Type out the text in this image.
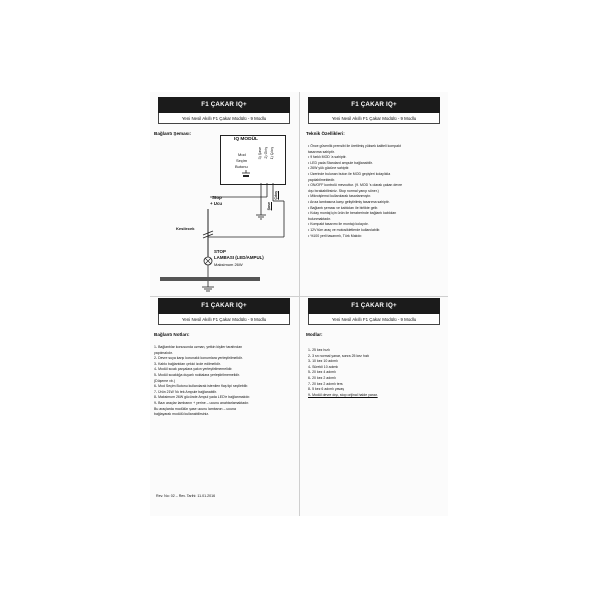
F1 ÇAKAR IQ+
Yeni Nesil Akıllı F1 Çakar Modülü - 9 Modlu
Bağlantı Şeması:
IQ MODÜL
Mod
Seçim
Butonu
1) Çıkış
2) Giriş
3) Şase
Çıkış
Şase
Stop
+ Ucu
Kesilecek
STOP
LAMBASI (LED/AMPUL)
Maksimum 26W
F1 ÇAKAR IQ+
Yeni Nesil Akıllı F1 Çakar Modülü - 9 Modlu
Teknik Özellikleri:
• Önce güvenlik prensibi ile üretilmiş yüksek kaliteli kompakt
tasarıma sahiptir.
• 9 farklı MOD 'a sahiptir.
• LED yada Standard ampule bağlanabilir.
• 26W yük gücüne sahiptir.
• Üzerinde bulunan buton ile MOD geçişleri kolaylıkla
yapılabilmektedir.
• ON/OFF kontrolü mevcuttur. (9. MOD 's olarak çakan devre
dışı bırakabilirsiniz. Stop normal yanıp söner.)
• Mikroişlemci kullanılarak tasarlanmıştır.
• Arıza lambasına karşı geliştirilmiş tasarıma sahiptir.
• Bağlantı şeması ve kabloları ile birlikte gelir.
• Kolay montaj için ürün ile beraberinde bağlantı kabloları
bulunmaktadır.
• Kompakt tasarımı ile montajı kolaydır.
• 12V tüm araç ve motosikletlerde kullanılabilir.
• %100 yerli tasarımlı, Türk Malıdır.
F1 ÇAKAR IQ+
Yeni Nesil Akıllı F1 Çakar Modülü - 9 Modlu
Bağlantı Notları:
1- Bağlantılar konusunda uzman, yetkin kişiler tarafından
yapılmalıdır.
2- Devre suya karşı korunaklı konumlara yerleştirilmelidir.
3- Kablo bağlantıları çekici izole edilmelidir.
4- Modül sıcak parçalara yakın yerleştirilmemelidir.
5- Modül sıcaklığa duyarlı noktalara yerleştirilmemelidir.
(Düşeme vb.)
6- Mod Seçim Butonu kullanılarak istenilen flaş tipi seçilebilir.
7- Ürün 21W 'lık tek Ampule bağlanabilir.
8- Maksimum 26W gücünde Ampul yada LED'e bağlanmalıdır.
9- Bazı araçlar lambanın + yerine – ucunu anahtarlamaktadır.
Bu araçlarda modülün şase ucunu lambanın – ucuna
bağlayarak modülü kullanabilirsiniz.
Rev. No: 02 – Rev. Tarihi: 11.01.2016
F1 ÇAKAR IQ+
Yeni Nesil Akıllı F1 Çakar Modülü - 9 Modlu
Modlar:
1- 25 kez hızlı
2- 3 sn normal yanar, sonra 25 kez hızlı
3- 10 kez 10 adımlı
4- Sürekli 10 adımlı
5- 20 kez 4 adımlı
6- 20 kez 2 adımlı
7- 20 kez 2 adımlı ters
8- 5 kez 6 adımlı yavaş
9- Modül devre dışı, stop orijinal halde yanar.
